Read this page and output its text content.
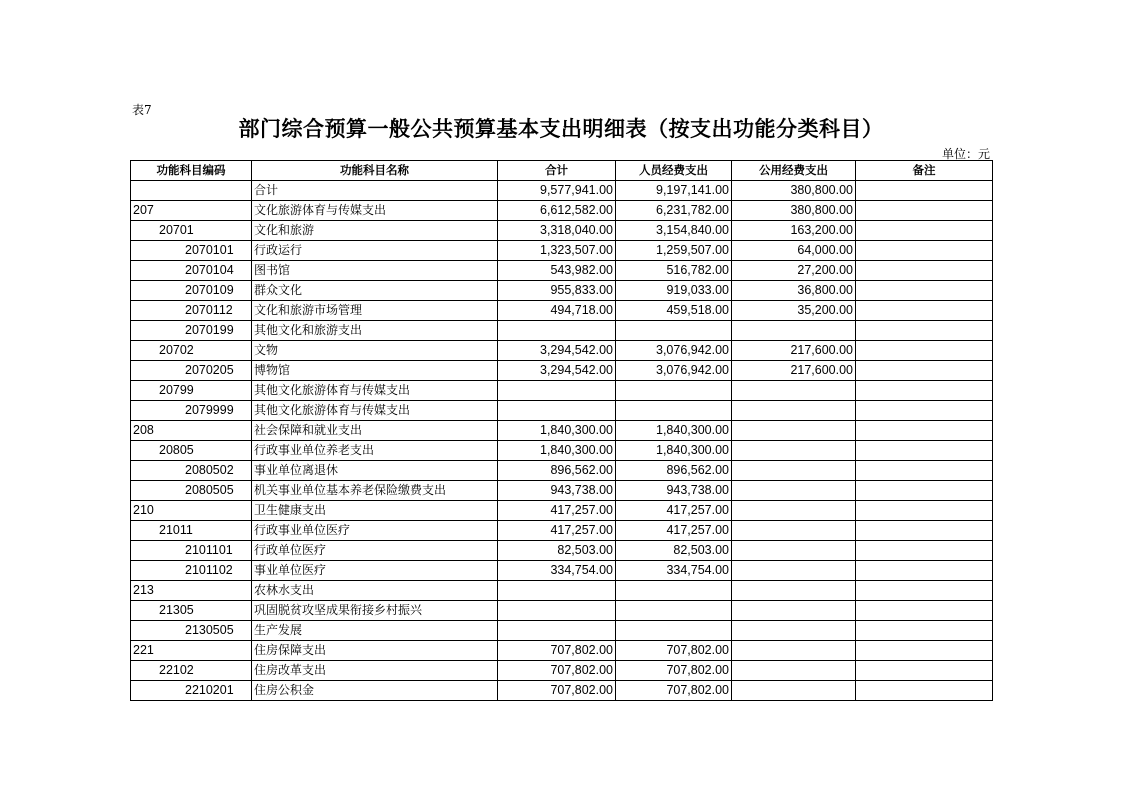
表7
部门综合预算一般公共预算基本支出明细表（按支出功能分类科目）
单位：元
功能科目编码	功能科目名称	合计	人员经费支出	公用经费支出	备注
	合计	9,577,941.00	9,197,141.00	380,800.00	
207	文化旅游体育与传媒支出	6,612,582.00	6,231,782.00	380,800.00	
20701	文化和旅游	3,318,040.00	3,154,840.00	163,200.00	
2070101	行政运行	1,323,507.00	1,259,507.00	64,000.00	
2070104	图书馆	543,982.00	516,782.00	27,200.00	
2070109	群众文化	955,833.00	919,033.00	36,800.00	
2070112	文化和旅游市场管理	494,718.00	459,518.00	35,200.00	
2070199	其他文化和旅游支出				
20702	文物	3,294,542.00	3,076,942.00	217,600.00	
2070205	博物馆	3,294,542.00	3,076,942.00	217,600.00	
20799	其他文化旅游体育与传媒支出				
2079999	其他文化旅游体育与传媒支出				
208	社会保障和就业支出	1,840,300.00	1,840,300.00		
20805	行政事业单位养老支出	1,840,300.00	1,840,300.00		
2080502	事业单位离退休	896,562.00	896,562.00		
2080505	机关事业单位基本养老保险缴费支出	943,738.00	943,738.00		
210	卫生健康支出	417,257.00	417,257.00		
21011	行政事业单位医疗	417,257.00	417,257.00		
2101101	行政单位医疗	82,503.00	82,503.00		
2101102	事业单位医疗	334,754.00	334,754.00		
213	农林水支出				
21305	巩固脱贫攻坚成果衔接乡村振兴				
2130505	生产发展				
221	住房保障支出	707,802.00	707,802.00		
22102	住房改革支出	707,802.00	707,802.00		
2210201	住房公积金	707,802.00	707,802.00		
